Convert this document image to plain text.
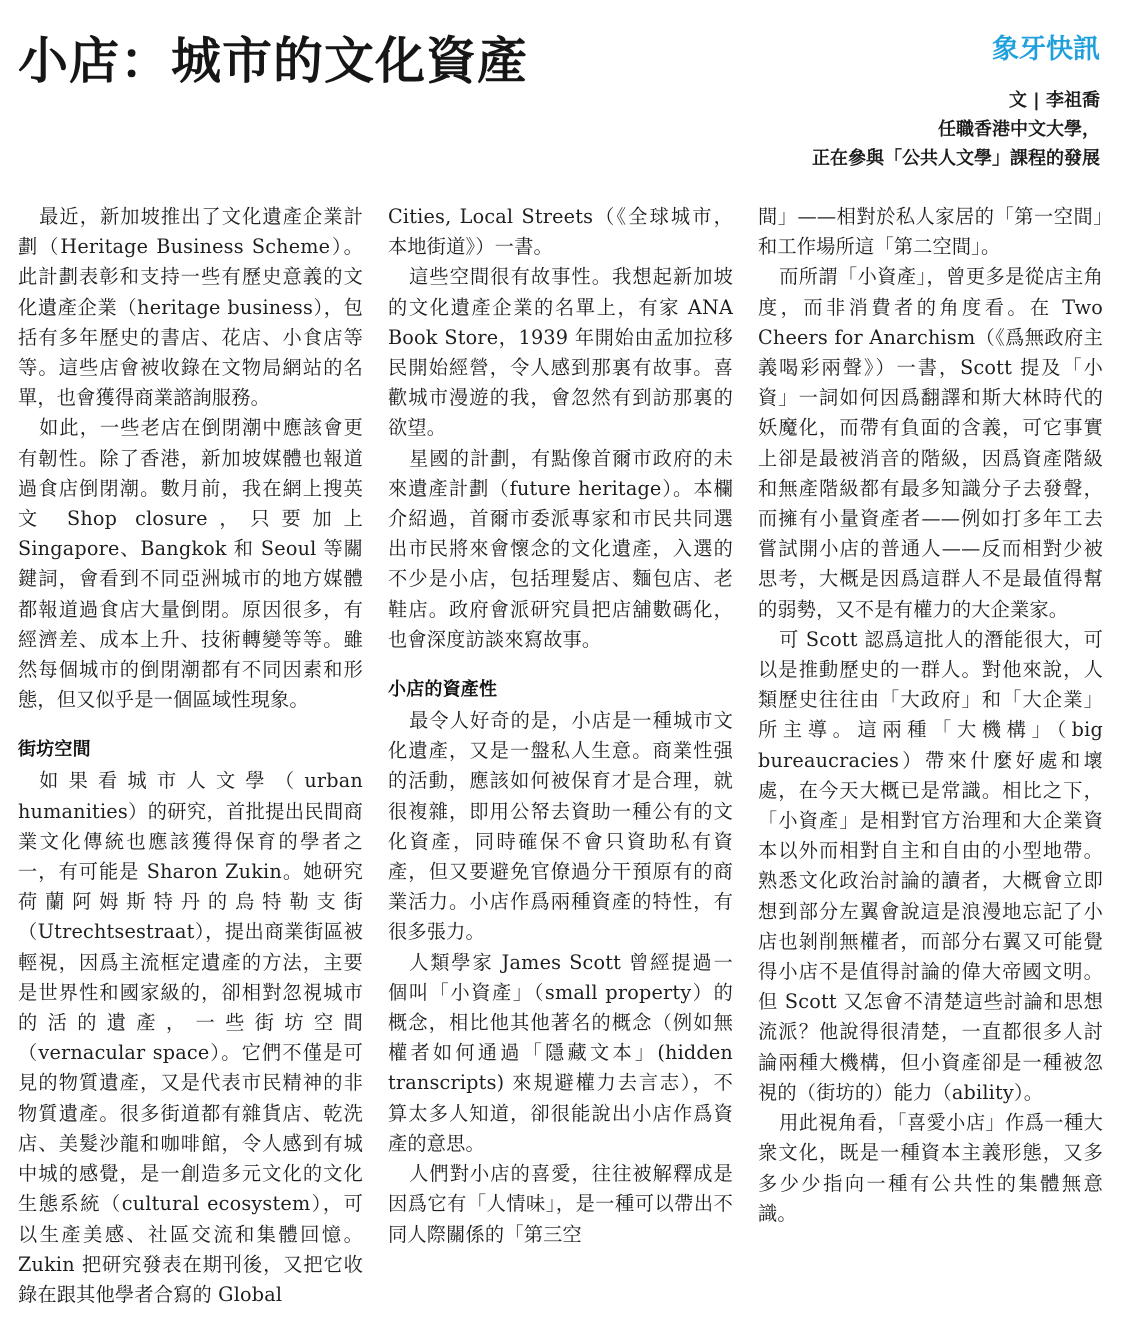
小店：城市的文化資產	象牙快訊
文 | 李祖喬
任職香港中文大學，
正在參與「公共人文學」課程的發展

最近，新加坡推出了文化遺產企業計劃（Heritage Business Scheme）。此計劃表彰和支持一些有歷史意義的文化遺產企業（heritage business），包括有多年歷史的書店、花店、小食店等等。這些店會被收錄在文物局網站的名單，也會獲得商業諮詢服務。

如此，一些老店在倒閉潮中應該會更有韌性。除了香港，新加坡媒體也報道過食店倒閉潮。數月前，我在網上搜英文 Shop closure，只要加上 Singapore、Bangkok 和 Seoul 等關鍵詞，會看到不同亞洲城市的地方媒體都報道過食店大量倒閉。原因很多，有經濟差、成本上升、技術轉變等等。雖然每個城市的倒閉潮都有不同因素和形態，但又似乎是一個區域性現象。

街坊空間

如果看城市人文學（urban humanities）的研究，首批提出民間商業文化傳統也應該獲得保育的學者之一，有可能是 Sharon Zukin。她研究荷蘭阿姆斯特丹的烏特勒支街（Utrechtsestraat），提出商業街區被輕視，因爲主流框定遺產的方法，主要是世界性和國家級的，卻相對忽視城市的活的遺產，一些街坊空間（vernacular space）。它們不僅是可見的物質遺產，又是代表市民精神的非物質遺產。很多街道都有雜貨店、乾洗店、美髮沙龍和咖啡館，令人感到有城中城的感覺，是一創造多元文化的文化生態系統（cultural ecosystem），可以生產美感、社區交流和集體回憶。Zukin 把研究發表在期刊後，又把它收錄在跟其他學者合寫的 Global

Cities, Local Streets（《全球城市，本地街道》）一書。

這些空間很有故事性。我想起新加坡的文化遺產企業的名單上，有家 ANA Book Store，1939 年開始由孟加拉移民開始經營，令人感到那裏有故事。喜歡城市漫遊的我，會忽然有到訪那裏的欲望。

星國的計劃，有點像首爾市政府的未來遺產計劃（future heritage）。本欄介紹過，首爾市委派專家和市民共同選出市民將來會懷念的文化遺產，入選的不少是小店，包括理髮店、麵包店、老鞋店。政府會派研究員把店舖數碼化，也會深度訪談來寫故事。

小店的資產性

最令人好奇的是，小店是一種城市文化遺產，又是一盤私人生意。商業性强的活動，應該如何被保育才是合理，就很複雜，即用公帑去資助一種公有的文化資產，同時確保不會只資助私有資產，但又要避免官僚過分干預原有的商業活力。小店作爲兩種資產的特性，有很多張力。

人類學家 James Scott 曾經提過一個叫「小資產」（small property）的概念，相比他其他著名的概念（例如無權者如何通過「隱藏文本」(hidden transcripts) 來規避權力去言志），不算太多人知道，卻很能說出小店作爲資產的意思。

人們對小店的喜愛，往往被解釋成是因爲它有「人情味」，是一種可以帶出不同人際關係的「第三空

間」——相對於私人家居的「第一空間」和工作場所這「第二空間」。

而所謂「小資產」，曾更多是從店主角度，而非消費者的角度看。在 Two Cheers for Anarchism（《爲無政府主義喝彩兩聲》）一書，Scott 提及「小資」一詞如何因爲翻譯和斯大林時代的妖魔化，而帶有負面的含義，可它事實上卻是最被消音的階級，因爲資產階級和無產階級都有最多知識分子去發聲，而擁有小量資產者——例如打多年工去嘗試開小店的普通人——反而相對少被思考，大概是因爲這群人不是最值得幫的弱勢，又不是有權力的大企業家。

可 Scott 認爲這批人的潛能很大，可以是推動歷史的一群人。對他來說，人類歷史往往由「大政府」和「大企業」所主導。這兩種「大機構」（big bureaucracies）帶來什麼好處和壞處，在今天大概已是常識。相比之下，「小資產」是相對官方治理和大企業資本以外而相對自主和自由的小型地帶。熟悉文化政治討論的讀者，大概會立即想到部分左翼會說這是浪漫地忘記了小店也剝削無權者，而部分右翼又可能覺得小店不是值得討論的偉大帝國文明。但 Scott 又怎會不清楚這些討論和思想流派？他說得很清楚，一直都很多人討論兩種大機構，但小資產卻是一種被忽視的（街坊的）能力（ability）。

用此視角看，「喜愛小店」作爲一種大衆文化，既是一種資本主義形態，又多多少少指向一種有公共性的集體無意識。
